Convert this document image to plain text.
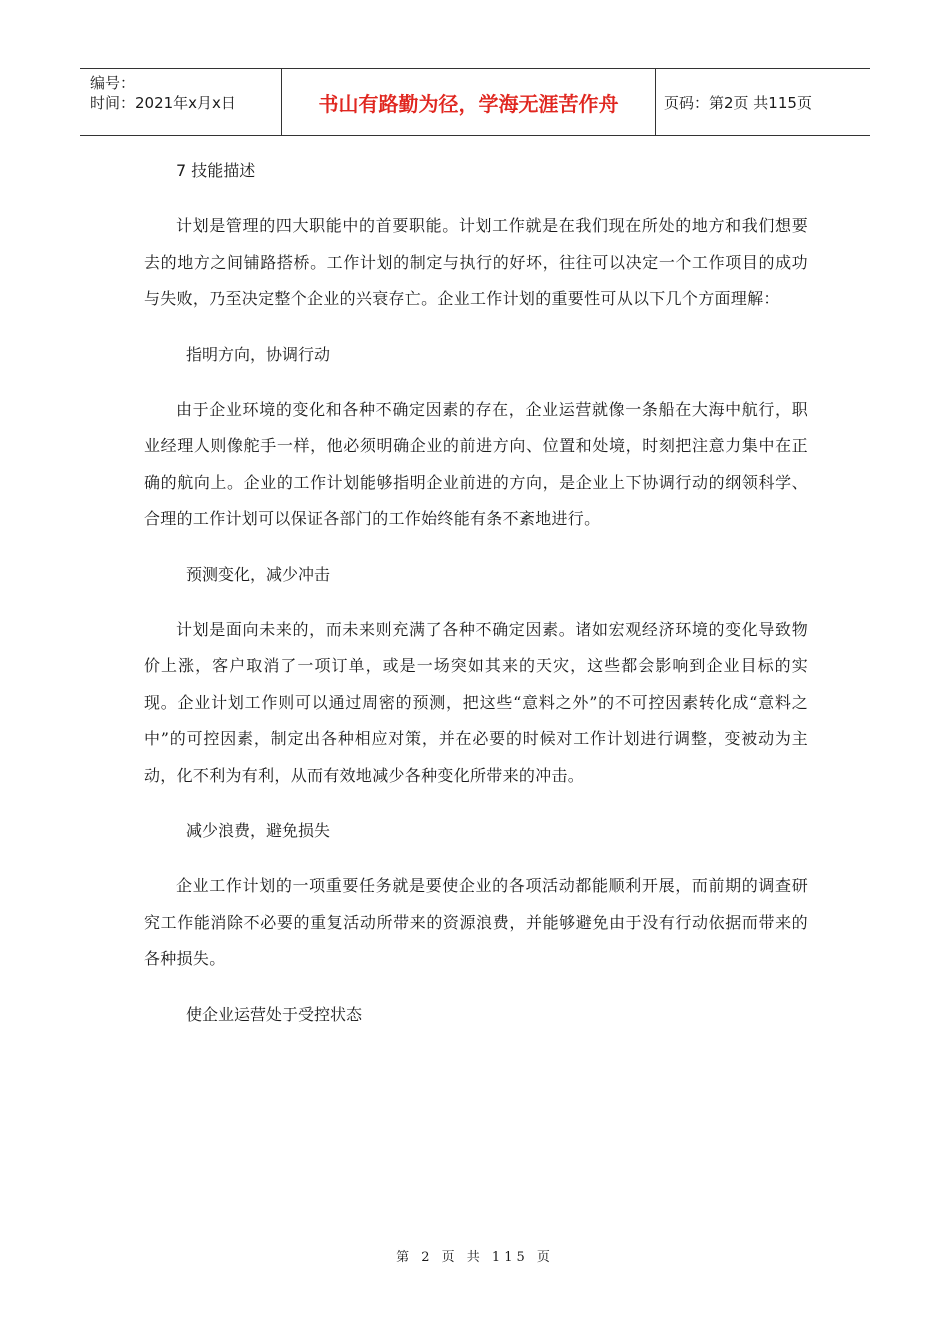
编号：
时间：2021年x月x日	书山有路勤为径，学海无涯苦作舟	页码：第2页 共115页

7 技能描述

计划是管理的四大职能中的首要职能。计划工作就是在我们现在所处的地方和我们想要去的地方之间铺路搭桥。工作计划的制定与执行的好坏，往往可以决定一个工作项目的成功与失败，乃至决定整个企业的兴衰存亡。企业工作计划的重要性可从以下几个方面理解：

指明方向，协调行动

由于企业环境的变化和各种不确定因素的存在，企业运营就像一条船在大海中航行，职业经理人则像舵手一样，他必须明确企业的前进方向、位置和处境，时刻把注意力集中在正确的航向上。企业的工作计划能够指明企业前进的方向，是企业上下协调行动的纲领科学、合理的工作计划可以保证各部门的工作始终能有条不紊地进行。

预测变化，减少冲击

计划是面向未来的，而未来则充满了各种不确定因素。诸如宏观经济环境的变化导致物价上涨，客户取消了一项订单，或是一场突如其来的天灾，这些都会影响到企业目标的实现。企业计划工作则可以通过周密的预测，把这些“意料之外”的不可控因素转化成“意料之中”的可控因素，制定出各种相应对策，并在必要的时候对工作计划进行调整，变被动为主动，化不利为有利，从而有效地减少各种变化所带来的冲击。

减少浪费，避免损失

企业工作计划的一项重要任务就是要使企业的各项活动都能顺利开展，而前期的调查研究工作能消除不必要的重复活动所带来的资源浪费，并能够避免由于没有行动依据而带来的各种损失。

使企业运营处于受控状态

第 2 页 共 115 页
